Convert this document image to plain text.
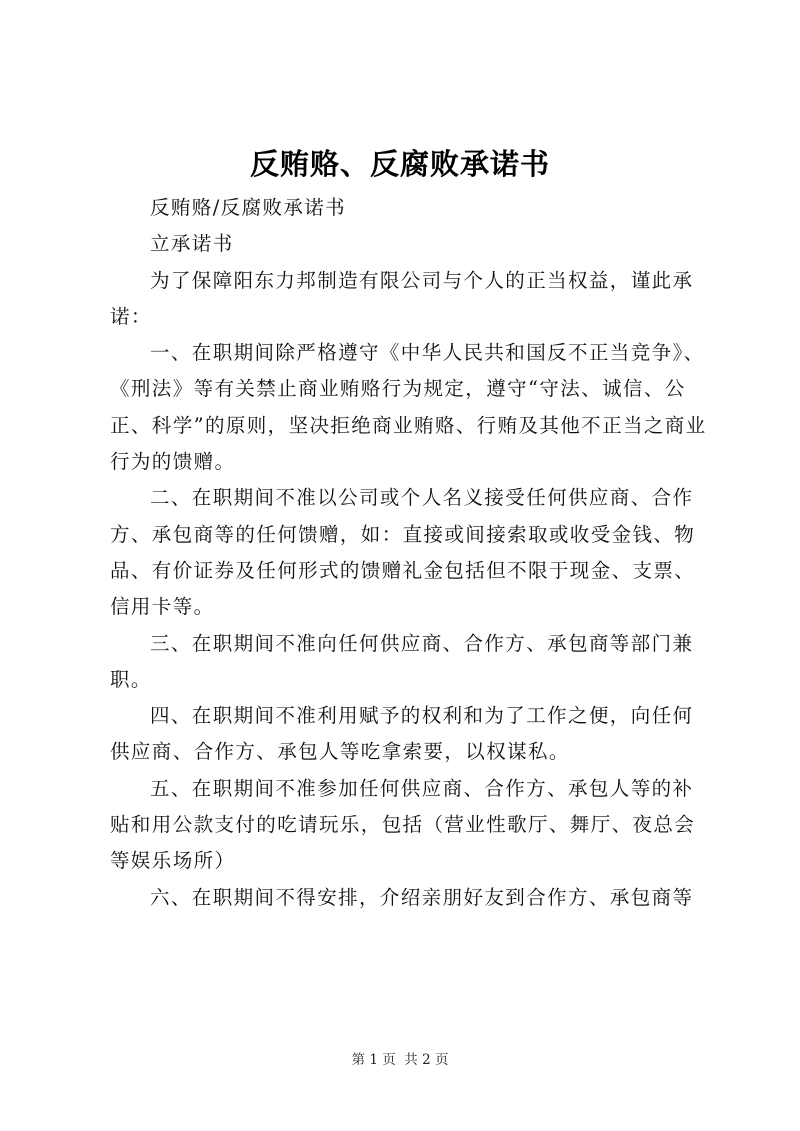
反贿赂、反腐败承诺书

反贿赂/反腐败承诺书

立承诺书

为了保障阳东力邦制造有限公司与个人的正当权益，谨此承诺：

一、在职期间除严格遵守《中华人民共和国反不正当竞争》、《刑法》等有关禁止商业贿赂行为规定，遵守“守法、诚信、公正、科学”的原则，坚决拒绝商业贿赂、行贿及其他不正当之商业行为的馈赠。

二、在职期间不准以公司或个人名义接受任何供应商、合作方、承包商等的任何馈赠，如：直接或间接索取或收受金钱、物品、有价证券及任何形式的馈赠礼金包括但不限于现金、支票、信用卡等。

三、在职期间不准向任何供应商、合作方、承包商等部门兼职。

四、在职期间不准利用赋予的权利和为了工作之便，向任何供应商、合作方、承包人等吃拿索要，以权谋私。

五、在职期间不准参加任何供应商、合作方、承包人等的补贴和用公款支付的吃请玩乐，包括（营业性歌厅、舞厅、夜总会等娱乐场所）

六、在职期间不得安排，介绍亲朋好友到合作方、承包商等

第 1 页  共 2 页
